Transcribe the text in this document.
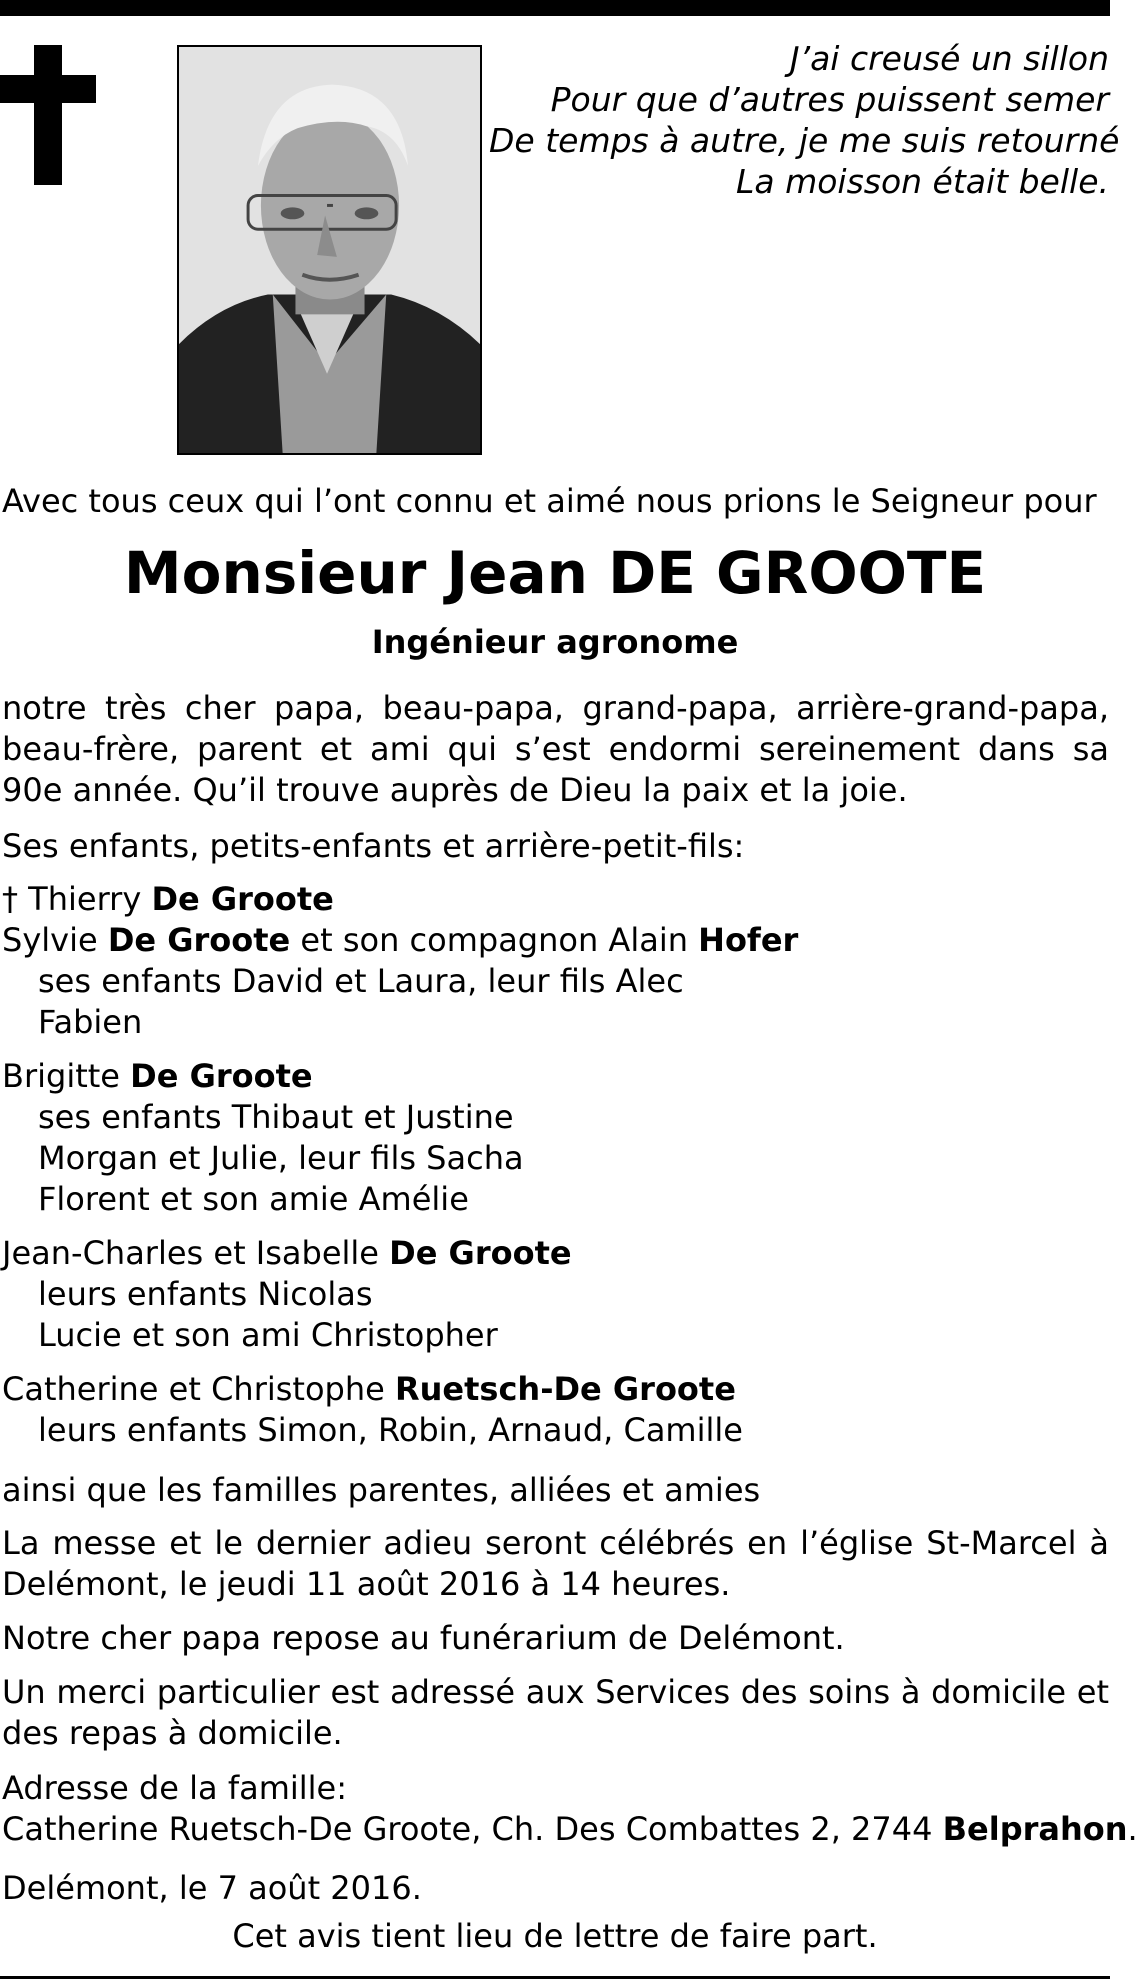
J’ai creusé un sillon
Pour que d’autres puissent semer
De temps à autre, je me suis retourné
La moisson était belle.
Avec tous ceux qui l’ont connu et aimé nous prions le Seigneur pour
Monsieur Jean DE GROOTE
Ingénieur agronome
notre très cher papa, beau-papa, grand-papa, arrière-grand-papa, beau-frère, parent et ami qui s’est endormi sereinement dans sa 90e année. Qu’il trouve auprès de Dieu la paix et la joie.
Ses enfants, petits-enfants et arrière-petit-fils:
† Thierry De Groote
Sylvie De Groote et son compagnon Alain Hofer
ses enfants David et Laura, leur fils Alec
Fabien
Brigitte De Groote
ses enfants Thibaut et Justine
Morgan et Julie, leur fils Sacha
Florent et son amie Amélie
Jean-Charles et Isabelle De Groote
leurs enfants Nicolas
Lucie et son ami Christopher
Catherine et Christophe Ruetsch-De Groote
leurs enfants Simon, Robin, Arnaud, Camille
ainsi que les familles parentes, alliées et amies
La messe et le dernier adieu seront célébrés en l’église St-Marcel à Delémont, le jeudi 11 août 2016 à 14 heures.
Notre cher papa repose au funérarium de Delémont.
Un merci particulier est adressé aux Services des soins à domicile et des repas à domicile.
Adresse de la famille:
Catherine Ruetsch-De Groote, Ch. Des Combattes 2, 2744 Belprahon.
Delémont, le 7 août 2016.
Cet avis tient lieu de lettre de faire part.
